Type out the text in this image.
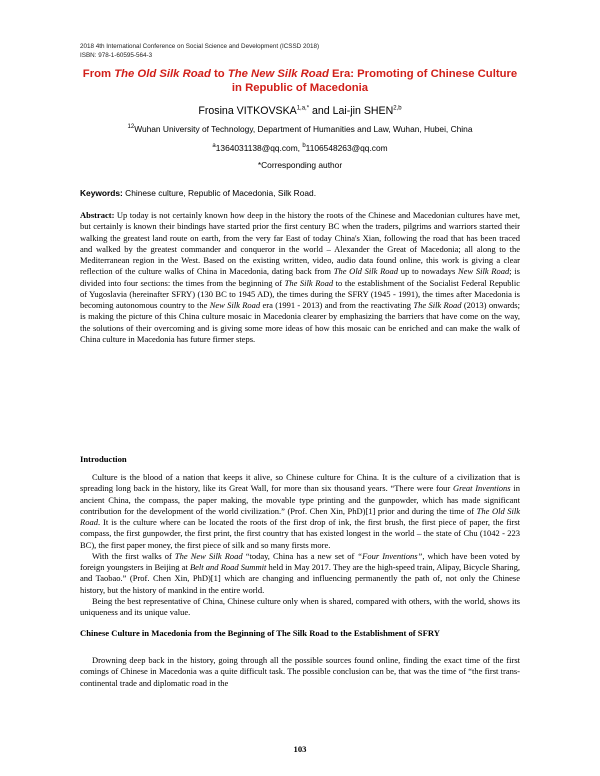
2018 4th International Conference on Social Science and Development (ICSSD 2018)
ISBN: 978-1-60595-564-3
From The Old Silk Road to The New Silk Road Era: Promoting of Chinese Culture in Republic of Macedonia
Frosina $VITKOVSKA^{1,a,*}$ and Lai-jin SHEN$^{2,b}$
$^{12}$Wuhan University of Technology, Department of Humanities and Law, Wuhan, Hubei, China
$^a$1364031138@qq.com, $^b$1106548263@qq.com
*Corresponding author
Keywords: Chinese culture, Republic of Macedonia, Silk Road.

Abstract: Up today is not certainly known how deep in the history the roots of the Chinese and Macedonian cultures have met, but certainly is known their bindings have started prior the first century BC when the traders, pilgrims and warriors started their walking the greatest land route on earth, from the very far East of today China's Xian, following the road that has been traced and walked by the greatest commander and conqueror in the world – Alexander the Great of Macedonia; all along to the Mediterranean region in the West. Based on the existing written, video, audio data found online, this work is giving a clear reflection of the culture walks of China in Macedonia, dating back from The Old Silk Road up to nowadays New Silk Road; is divided into four sections: the times from the beginning of The Silk Road to the establishment of the Socialist Federal Republic of Yugoslavia (hereinafter SFRY) (130 BC to 1945 AD), the times during the SFRY (1945 - 1991), the times after Macedonia is becoming autonomous country to the New Silk Road era (1991 - 2013) and from the reactivating The Silk Road (2013) onwards; is making the picture of this China culture mosaic in Macedonia clearer by emphasizing the barriers that have come on the way, the solutions of their overcoming and is giving some more ideas of how this mosaic can be enriched and can make the walk of China culture in Macedonia has future firmer steps.

Introduction

Culture is the blood of a nation that keeps it alive, so Chinese culture for China. It is the culture of a civilization that is spreading long back in the history, like its Great Wall, for more than six thousand years. “There were four Great Inventions in ancient China, the compass, the paper making, the movable type printing and the gunpowder, which has made significant contribution for the development of the world civilization.” (Prof. Chen Xin, PhD)[1] prior and during the time of The Old Silk Road. It is the culture where can be located the roots of the first drop of ink, the first brush, the first piece of paper, the first compass, the first gunpowder, the first print, the first country that has existed longest in the world – the state of Chu (1042 - 223 BC), the first paper money, the first piece of silk and so many firsts more.

With the first walks of The New Silk Road “today, China has a new set of “Four Inventions”, which have been voted by foreign youngsters in Beijing at Belt and Road Summit held in May 2017. They are the high-speed train, Alipay, Bicycle Sharing, and Taobao.” (Prof. Chen Xin, PhD)[1] which are changing and influencing permanently the path of, not only the Chinese history, but the history of mankind in the entire world.

Being the best representative of China, Chinese culture only when is shared, compared with others, with the world, shows its uniqueness and its unique value.

Chinese Culture in Macedonia from the Beginning of The Silk Road to the Establishment of SFRY

Drowning deep back in the history, going through all the possible sources found online, finding the exact time of the first comings of Chinese in Macedonia was a quite difficult task. The possible conclusion can be, that was the time of “the first trans-continental trade and diplomatic road in the

103
